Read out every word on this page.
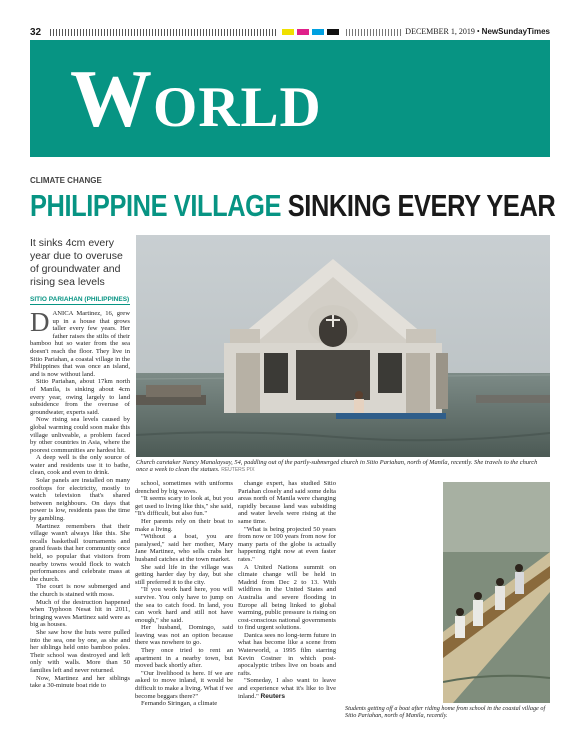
32	DECEMBER 1, 2019 • NewSundayTimes
World
CLIMATE CHANGE
PHILIPPINE VILLAGE SINKING EVERY YEAR
It sinks 4cm every year due to overuse of groundwater and rising sea levels
SITIO PARIAHAN (PHILIPPINES)
Church caretaker Nancy Manalaysay, 54, paddling out of the partly-submerged church in Sitio Pariahan, north of Manila, recently. She travels to the church once a week to clean the statues. REUTERS PIX
D ANICA Martinez, 16, grew up in a house that grows taller every few years. Her father raises the stilts of their bamboo hut so water from the sea doesn't reach the floor. They live in Sitio Pariahan, a coastal village in the Philippines that was once an island, and is now without land.

Sitio Pariahan, about 17km north of Manila, is sinking about 4cm every year, owing largely to land subsidence from the overuse of groundwater, experts said.

Now rising sea levels caused by global warming could soon make this village unliveable, a problem faced by other countries in Asia, where the poorest communities are hardest hit.

A deep well is the only source of water and residents use it to bathe, clean, cook and even to drink.

Solar panels are installed on many rooftops for electricity, mostly to watch television that's shared between neighbours. On days that power is low, residents pass the time by gambling.

Martinez remembers that their village wasn't always like this. She recalls basketball tournaments and grand feasts that her community once held, so popular that visitors from nearby towns would flock to watch performances and celebrate mass at the church.

The court is now submerged and the church is stained with moss.

Much of the destruction happened when Typhoon Nesat hit in 2011, bringing waves Martinez said were as big as houses.

She saw how the huts were pulled into the sea, one by one, as she and her siblings held onto bamboo poles. Their school was destroyed and left only with walls. More than 50 families left and never returned.

Now, Martinez and her siblings take a 30-minute boat ride to

school, sometimes with uniforms drenched by big waves.

"It seems scary to look at, but you get used to living like this," she said, "It's difficult, but also fun."

Her parents rely on their boat to make a living.

"Without a boat, you are paralysed," said her mother, Mary Jane Martinez, who sells crabs her husband catches at the town market.

She said life in the village was getting harder day by day, but she still preferred it to the city.

"If you work hard here, you will survive. You only have to jump on the sea to catch food. In land, you can work hard and still not have enough," she said.

Her husband, Domingo, said leaving was not an option because there was nowhere to go.

They once tried to rent an apartment in a nearby town, but moved back shortly after.

"Our livelihood is here. If we are asked to move inland, it would be difficult to make a living. What if we become beggars there?"

Fernando Siringan, a climate

change expert, has studied Sitio Pariahan closely and said some delta areas north of Manila were changing rapidly because land was subsiding and water levels were rising at the same time.

"What is being projected 50 years from now or 100 years from now for many parts of the globe is actually happening right now at even faster rates."

A United Nations summit on climate change will be held in Madrid from Dec 2 to 13. With wildfires in the United States and Australia and severe flooding in Europe all being linked to global warming, public pressure is rising on cost-conscious national governments to find urgent solutions.

Danica sees no long-term future in what has become like a scene from Waterworld, a 1995 film starring Kevin Costner in which post-apocalyptic tribes live on boats and rafts.

"Someday, I also want to leave and experience what it's like to live inland." Reuters

Students getting off a boat after riding home from school in the coastal village of Sitio Pariahan, north of Manila, recently.
